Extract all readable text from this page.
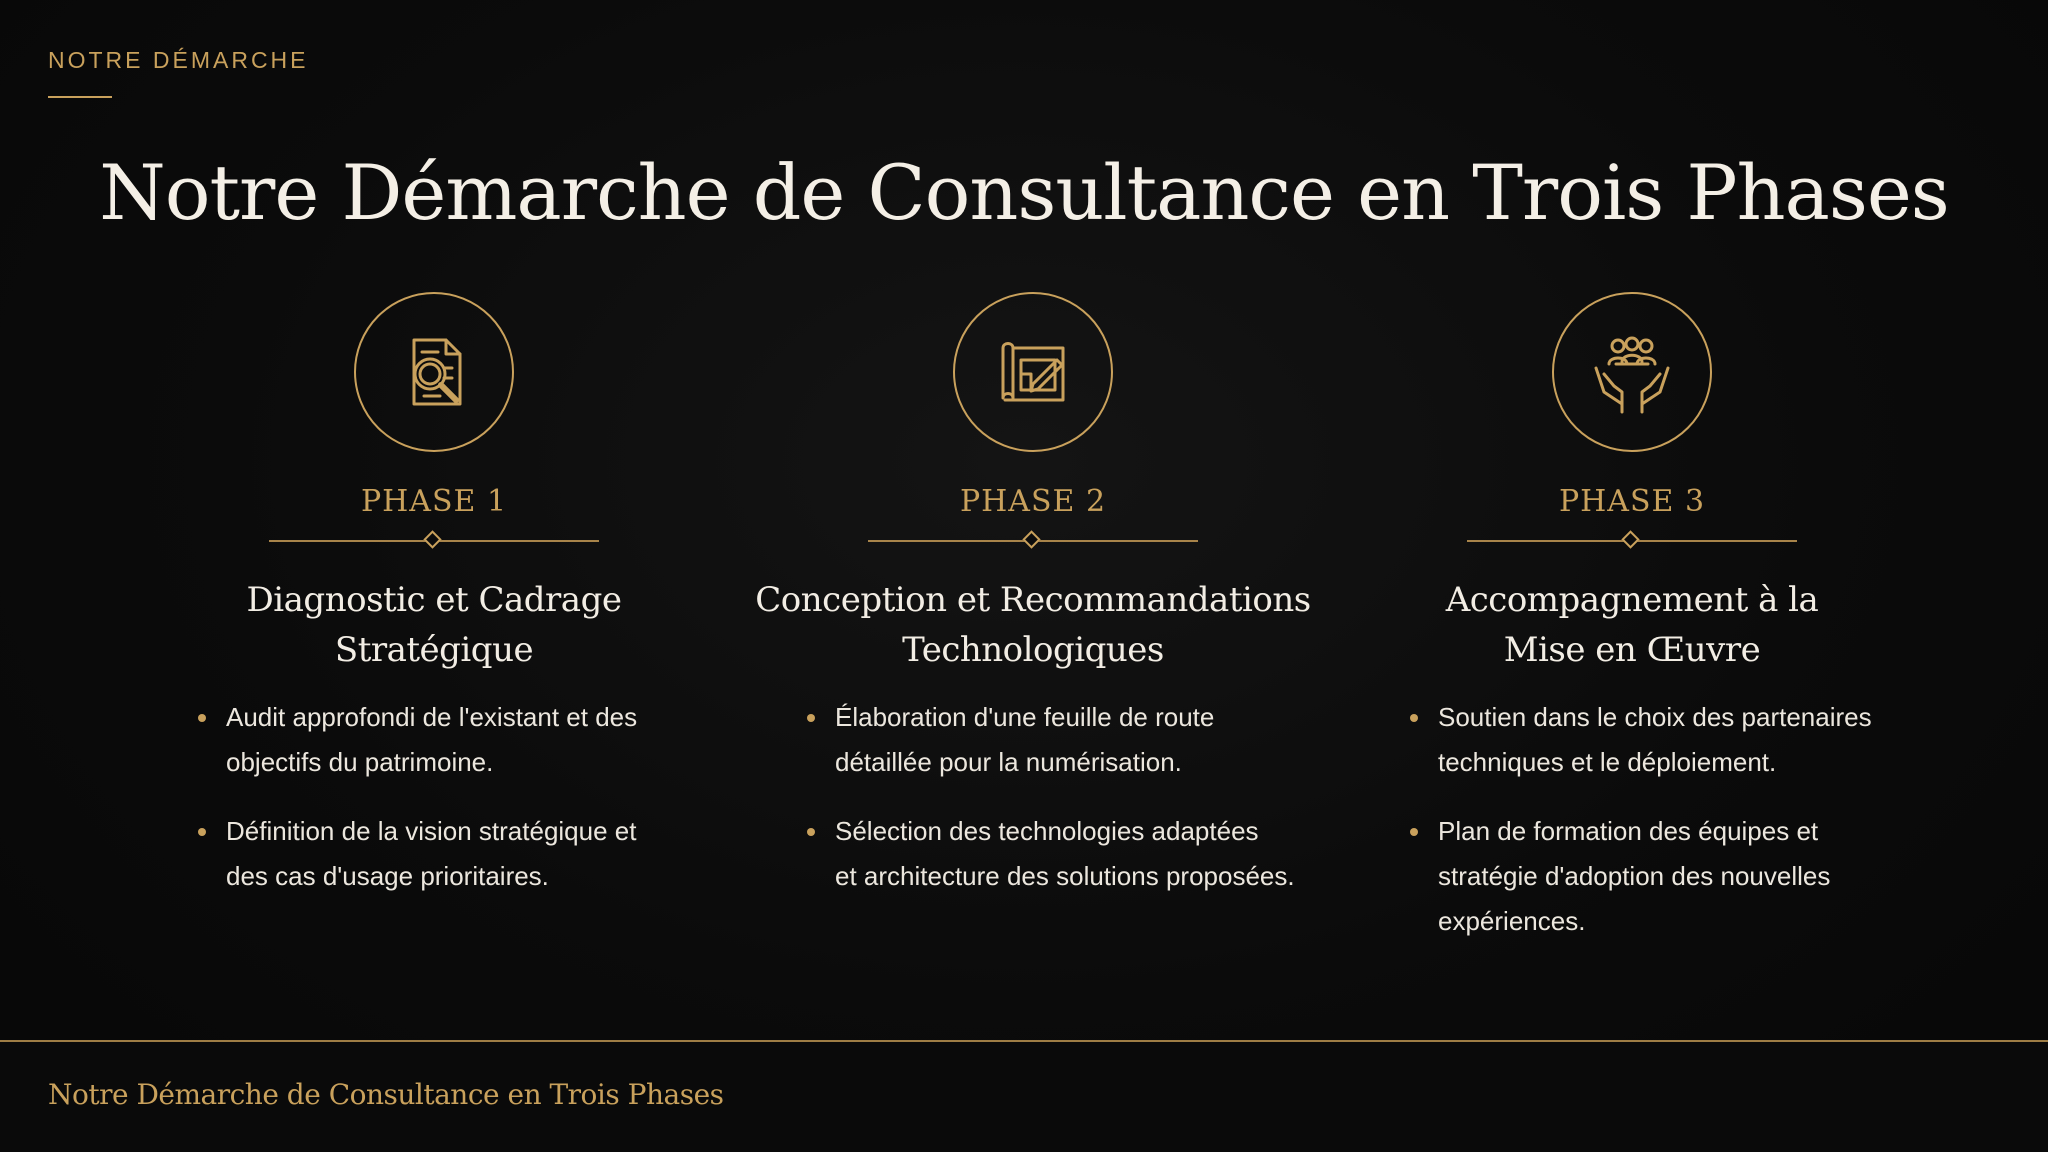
NOTRE DÉMARCHE
Notre Démarche de Consultance en Trois Phases
PHASE 1
Diagnostic et Cadrage
Stratégique
Audit approfondi de l'existant et des
objectifs du patrimoine.
Définition de la vision stratégique et
des cas d'usage prioritaires.
PHASE 2
Conception et Recommandations
Technologiques
Élaboration d'une feuille de route
détaillée pour la numérisation.
Sélection des technologies adaptées
et architecture des solutions proposées.
PHASE 3
Accompagnement à la
Mise en Œuvre
Soutien dans le choix des partenaires
techniques et le déploiement.
Plan de formation des équipes et
stratégie d'adoption des nouvelles
expériences.
Notre Démarche de Consultance en Trois Phases
